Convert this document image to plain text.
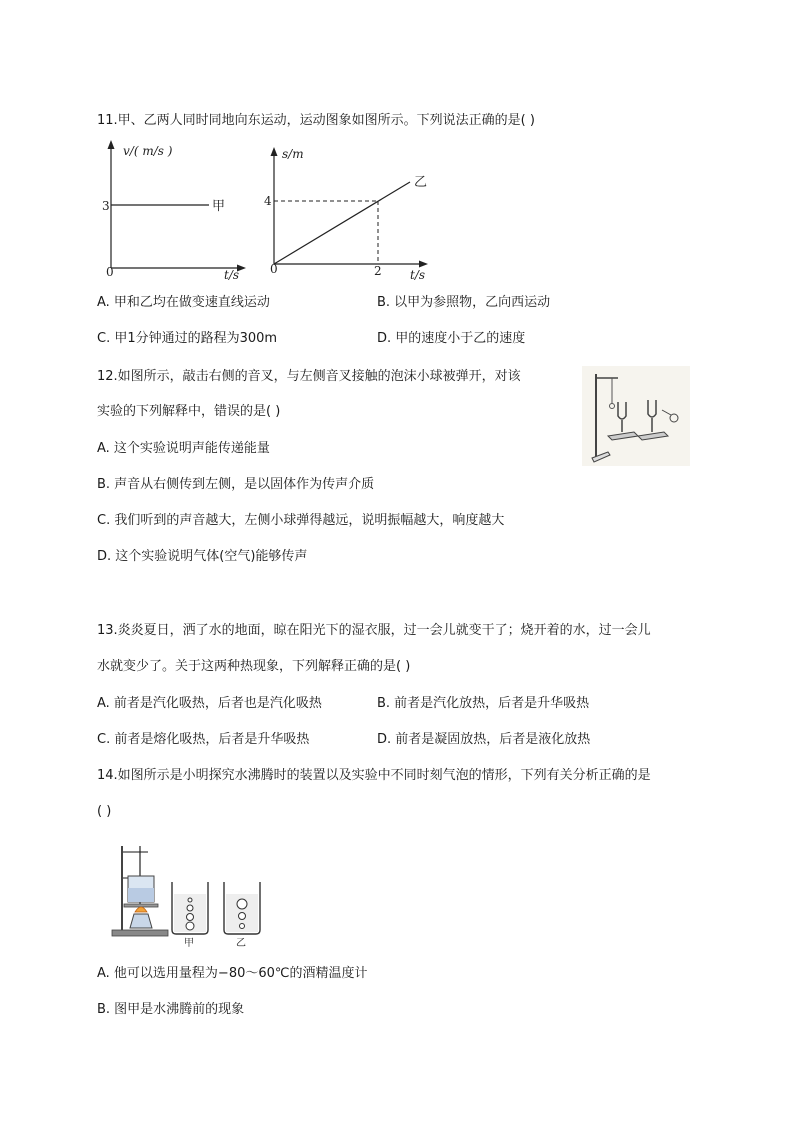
11.甲、乙两人同时同地向东运动，运动图象如图所示。下列说法正确的是( )
v/( m/s )
3
0	t/s
甲
s/m
4
0	2 t/s
乙
A. 甲和乙均在做变速直线运动	B. 以甲为参照物，乙向西运动
C. 甲1分钟通过的路程为300m	D. 甲的速度小于乙的速度
12.如图所示，敲击右侧的音叉，与左侧音叉接触的泡沫小球被弹开，对该
实验的下列解释中，错误的是( )
A. 这个实验说明声能传递能量
B. 声音从右侧传到左侧，是以固体作为传声介质
C. 我们听到的声音越大，左侧小球弹得越远，说明振幅越大，响度越大
D. 这个实验说明气体(空气)能够传声
13.炎炎夏日，洒了水的地面，晾在阳光下的湿衣服，过一会儿就变干了；烧开着的水，过一会儿
水就变少了。关于这两种热现象，下列解释正确的是( )
A. 前者是汽化吸热，后者也是汽化吸热	B. 前者是汽化放热，后者是升华吸热
C. 前者是熔化吸热，后者是升华吸热	D. 前者是凝固放热，后者是液化放热
14.如图所示是小明探究水沸腾时的装置以及实验中不同时刻气泡的情形，下列有关分析正确的是
( )
甲	乙
A. 他可以选用量程为−80～60℃的酒精温度计
B. 图甲是水沸腾前的现象
